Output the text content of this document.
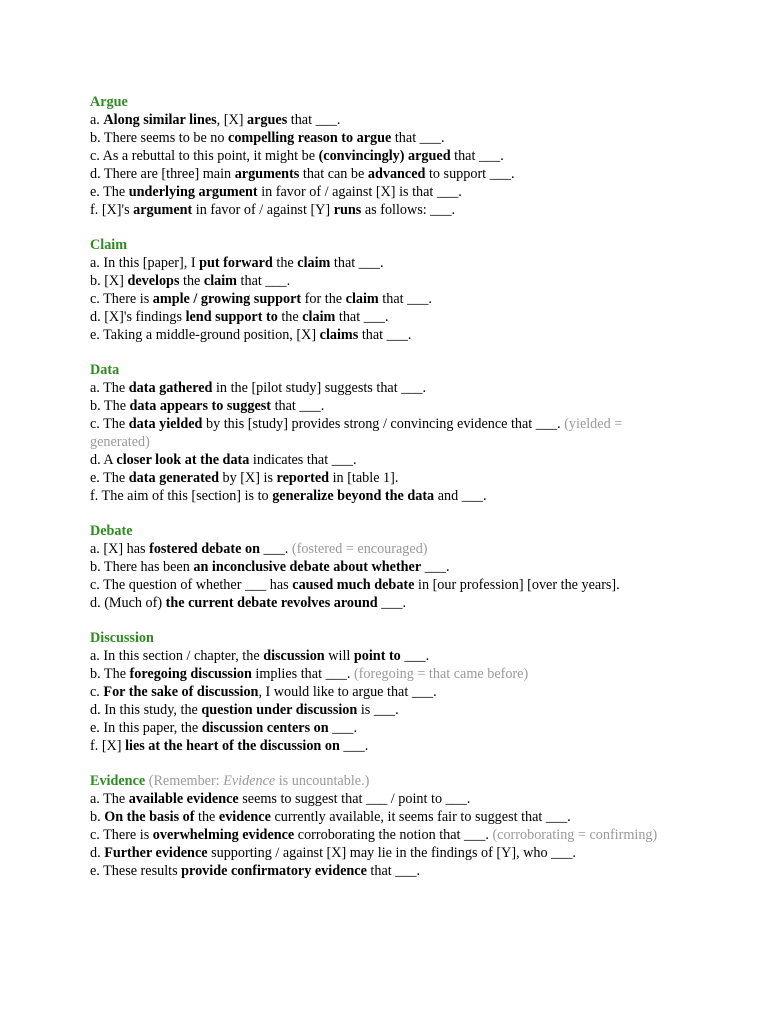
Argue
a. Along similar lines, [X] argues that ___.
b. There seems to be no compelling reason to argue that ___.
c. As a rebuttal to this point, it might be (convincingly) argued that ___.
d. There are [three] main arguments that can be advanced to support ___.
e. The underlying argument in favor of / against [X] is that ___.
f. [X]'s argument in favor of / against [Y] runs as follows: ___.
Claim
a. In this [paper], I put forward the claim that ___.
b. [X] develops the claim that ___.
c. There is ample / growing support for the claim that ___.
d. [X]'s findings lend support to the claim that ___.
e. Taking a middle-ground position, [X] claims that ___.
Data
a. The data gathered in the [pilot study] suggests that ___.
b. The data appears to suggest that ___.
c. The data yielded by this [study] provides strong / convincing evidence that ___. (yielded = generated)
d. A closer look at the data indicates that ___.
e. The data generated by [X] is reported in [table 1].
f. The aim of this [section] is to generalize beyond the data and ___.
Debate
a. [X] has fostered debate on ___. (fostered = encouraged)
b. There has been an inconclusive debate about whether ___.
c. The question of whether ___ has caused much debate in [our profession] [over the years].
d. (Much of) the current debate revolves around ___.
Discussion
a. In this section / chapter, the discussion will point to ___.
b. The foregoing discussion implies that ___. (foregoing = that came before)
c. For the sake of discussion, I would like to argue that ___.
d. In this study, the question under discussion is ___.
e. In this paper, the discussion centers on ___.
f. [X] lies at the heart of the discussion on ___.
Evidence (Remember: Evidence is uncountable.)
a. The available evidence seems to suggest that ___ / point to ___.
b. On the basis of the evidence currently available, it seems fair to suggest that ___.
c. There is overwhelming evidence corroborating the notion that ___. (corroborating = confirming)
d. Further evidence supporting / against [X] may lie in the findings of [Y], who ___.
e. These results provide confirmatory evidence that ___.
